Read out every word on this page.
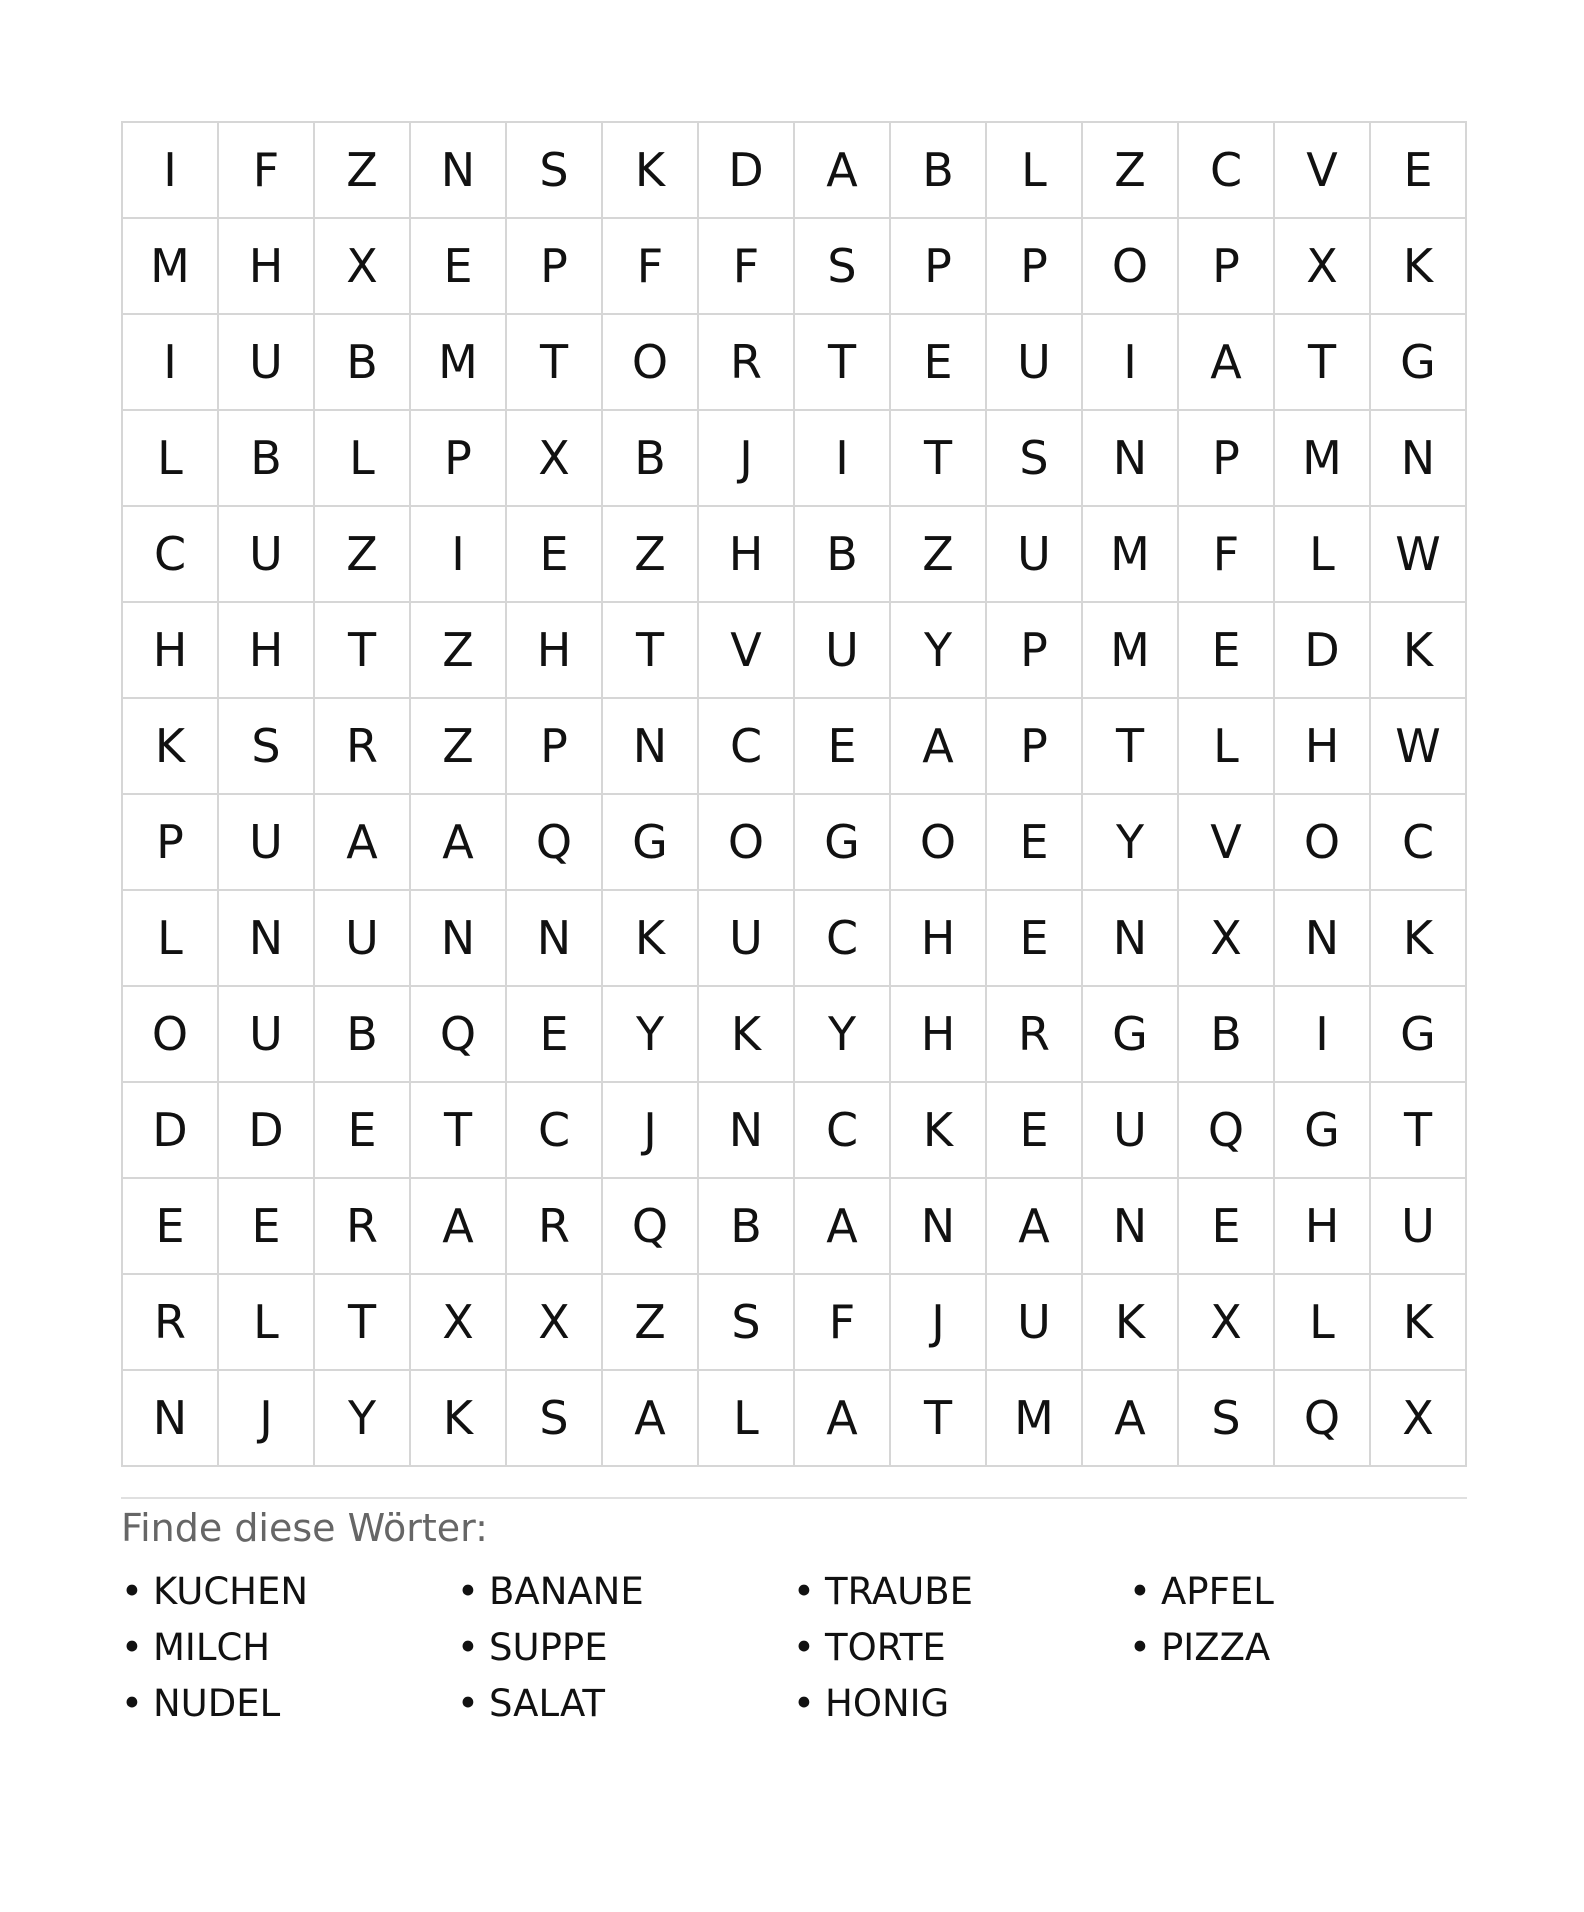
I	F	Z	N	S	K	D	A	B	L	Z	C	V	E
M	H	X	E	P	F	F	S	P	P	O	P	X	K
I	U	B	M	T	O	R	T	E	U	I	A	T	G
L	B	L	P	X	B	J	I	T	S	N	P	M	N
C	U	Z	I	E	Z	H	B	Z	U	M	F	L	W
H	H	T	Z	H	T	V	U	Y	P	M	E	D	K
K	S	R	Z	P	N	C	E	A	P	T	L	H	W
P	U	A	A	Q	G	O	G	O	E	Y	V	O	C
L	N	U	N	N	K	U	C	H	E	N	X	N	K
O	U	B	Q	E	Y	K	Y	H	R	G	B	I	G
D	D	E	T	C	J	N	C	K	E	U	Q	G	T
E	E	R	A	R	Q	B	A	N	A	N	E	H	U
R	L	T	X	X	Z	S	F	J	U	K	X	L	K
N	J	Y	K	S	A	L	A	T	M	A	S	Q	X
Finde diese Wörter:
• KUCHEN	• BANANE	• TRAUBE	• APFEL
• MILCH	• SUPPE	• TORTE	• PIZZA
• NUDEL	• SALAT	• HONIG
